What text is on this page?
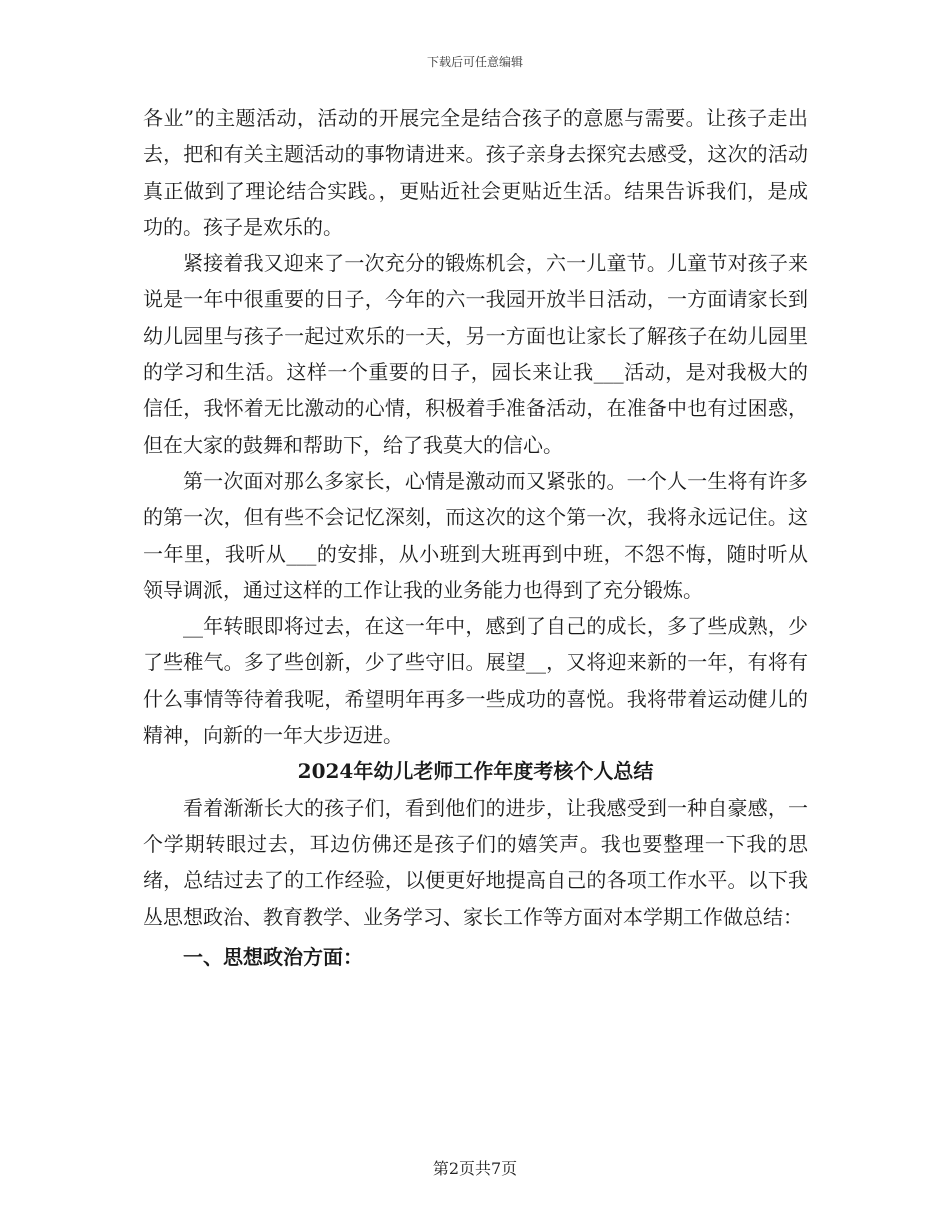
下载后可任意编辑

各业”的主题活动，活动的开展完全是结合孩子的意愿与需要。让孩子走出去，把和有关主题活动的事物请进来。孩子亲身去探究去感受，这次的活动真正做到了理论结合实践。，更贴近社会更贴近生活。结果告诉我们，是成功的。孩子是欢乐的。

紧接着我又迎来了一次充分的锻炼机会，六一儿童节。儿童节对孩子来说是一年中很重要的日子，今年的六一我园开放半日活动，一方面请家长到幼儿园里与孩子一起过欢乐的一天，另一方面也让家长了解孩子在幼儿园里的学习和生活。这样一个重要的日子，园长来让我___活动，是对我极大的信任，我怀着无比激动的心情，积极着手准备活动，在准备中也有过困惑，但在大家的鼓舞和帮助下，给了我莫大的信心。

第一次面对那么多家长，心情是激动而又紧张的。一个人一生将有许多的第一次，但有些不会记忆深刻，而这次的这个第一次，我将永远记住。这一年里，我听从___的安排，从小班到大班再到中班，不怨不悔，随时听从领导调派，通过这样的工作让我的业务能力也得到了充分锻炼。

__年转眼即将过去，在这一年中，感到了自己的成长，多了些成熟，少了些稚气。多了些创新，少了些守旧。展望__，又将迎来新的一年，有将有什么事情等待着我呢，希望明年再多一些成功的喜悦。我将带着运动健儿的精神，向新的一年大步迈进。

2024年幼儿老师工作年度考核个人总结

看着渐渐长大的孩子们，看到他们的进步，让我感受到一种自豪感，一个学期转眼过去，耳边仿佛还是孩子们的嬉笑声。我也要整理一下我的思绪，总结过去了的工作经验，以便更好地提高自己的各项工作水平。以下我丛思想政治、教育教学、业务学习、家长工作等方面对本学期工作做总结：

一、思想政治方面：

第2页共7页
